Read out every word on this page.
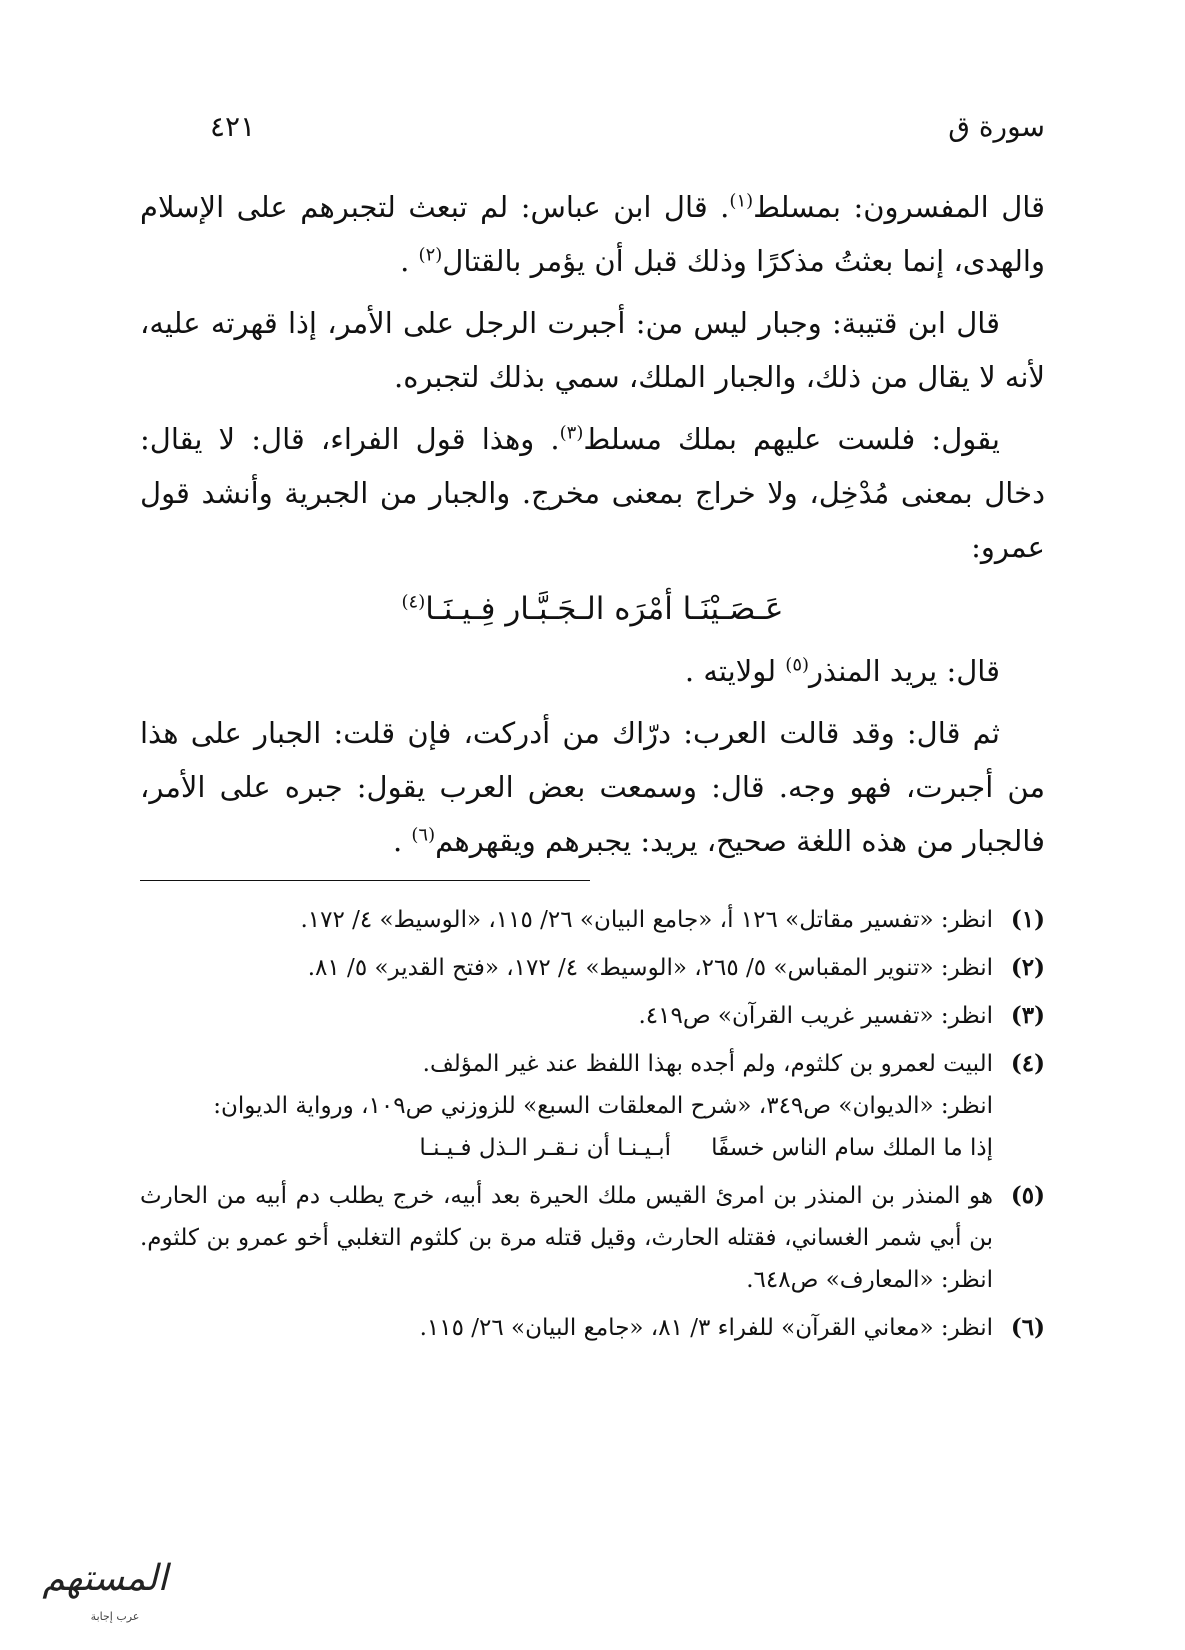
سورة ق
٤٢١

قال المفسرون: بمسلط$^{(١)}$. قال ابن عباس: لم تبعث لتجبرهم على الإسلام والهدى، إنما بعثتُ مذكرًا وذلك قبل أن يؤمر بالقتال$^{(٢)}$ .

قال ابن قتيبة: وجبار ليس من: أجبرت الرجل على الأمر، إذا قهرته عليه، لأنه لا يقال من ذلك، والجبار الملك، سمي بذلك لتجبره.

يقول: فلست عليهم بملك مسلط$^{(٣)}$. وهذا قول الفراء، قال: لا يقال: دخال بمعنى مُدْخِل، ولا خراج بمعنى مخرج. والجبار من الجبرية وأنشد قول عمرو:

عَـصَـيْنَـا أمْرَه الـجَـبَّـار فِـيـنَـا$^{(٤)}$

قال: يريد المنذر$^{(٥)}$ لولايته .

ثم قال: وقد قالت العرب: درّاك من أدركت، فإن قلت: الجبار على هذا من أجبرت، فهو وجه. قال: وسمعت بعض العرب يقول: جبره على الأمر، فالجبار من هذه اللغة صحيح، يريد: يجبرهم ويقهرهم$^{(٦)}$ .

(١)
انظر: «تفسير مقاتل» ١٢٦ أ، «جامع البيان» ٢٦/ ١١٥، «الوسيط» ٤/ ١٧٢.
(٢)
انظر: «تنوير المقباس» ٥/ ٢٦٥، «الوسيط» ٤/ ١٧٢، «فتح القدير» ٥/ ٨١.
(٣)
انظر: «تفسير غريب القرآن» ص٤١٩.
(٤)
البيت لعمرو بن كلثوم، ولم أجده بهذا اللفظ عند غير المؤلف.
انظر: «الديوان» ص٣٤٩، «شرح المعلقات السبع» للزوزني ص١٠٩، ورواية الديوان:
إذا ما الملك سام الناس خسفًا
أبـيـنـا أن نـقـر الـذل فـيـنـا
(٥)
هو المنذر بن المنذر بن امرئ القيس ملك الحيرة بعد أبيه، خرج يطلب دم أبيه من الحارث بن أبي شمر الغساني، فقتله الحارث، وقيل قتله مرة بن كلثوم التغلبي أخو عمرو بن كلثوم. انظر: «المعارف» ص٦٤٨.
(٦)
انظر: «معاني القرآن» للفراء ٣/ ٨١، «جامع البيان» ٢٦/ ١١٥.
المستهم
عرب إجابة
